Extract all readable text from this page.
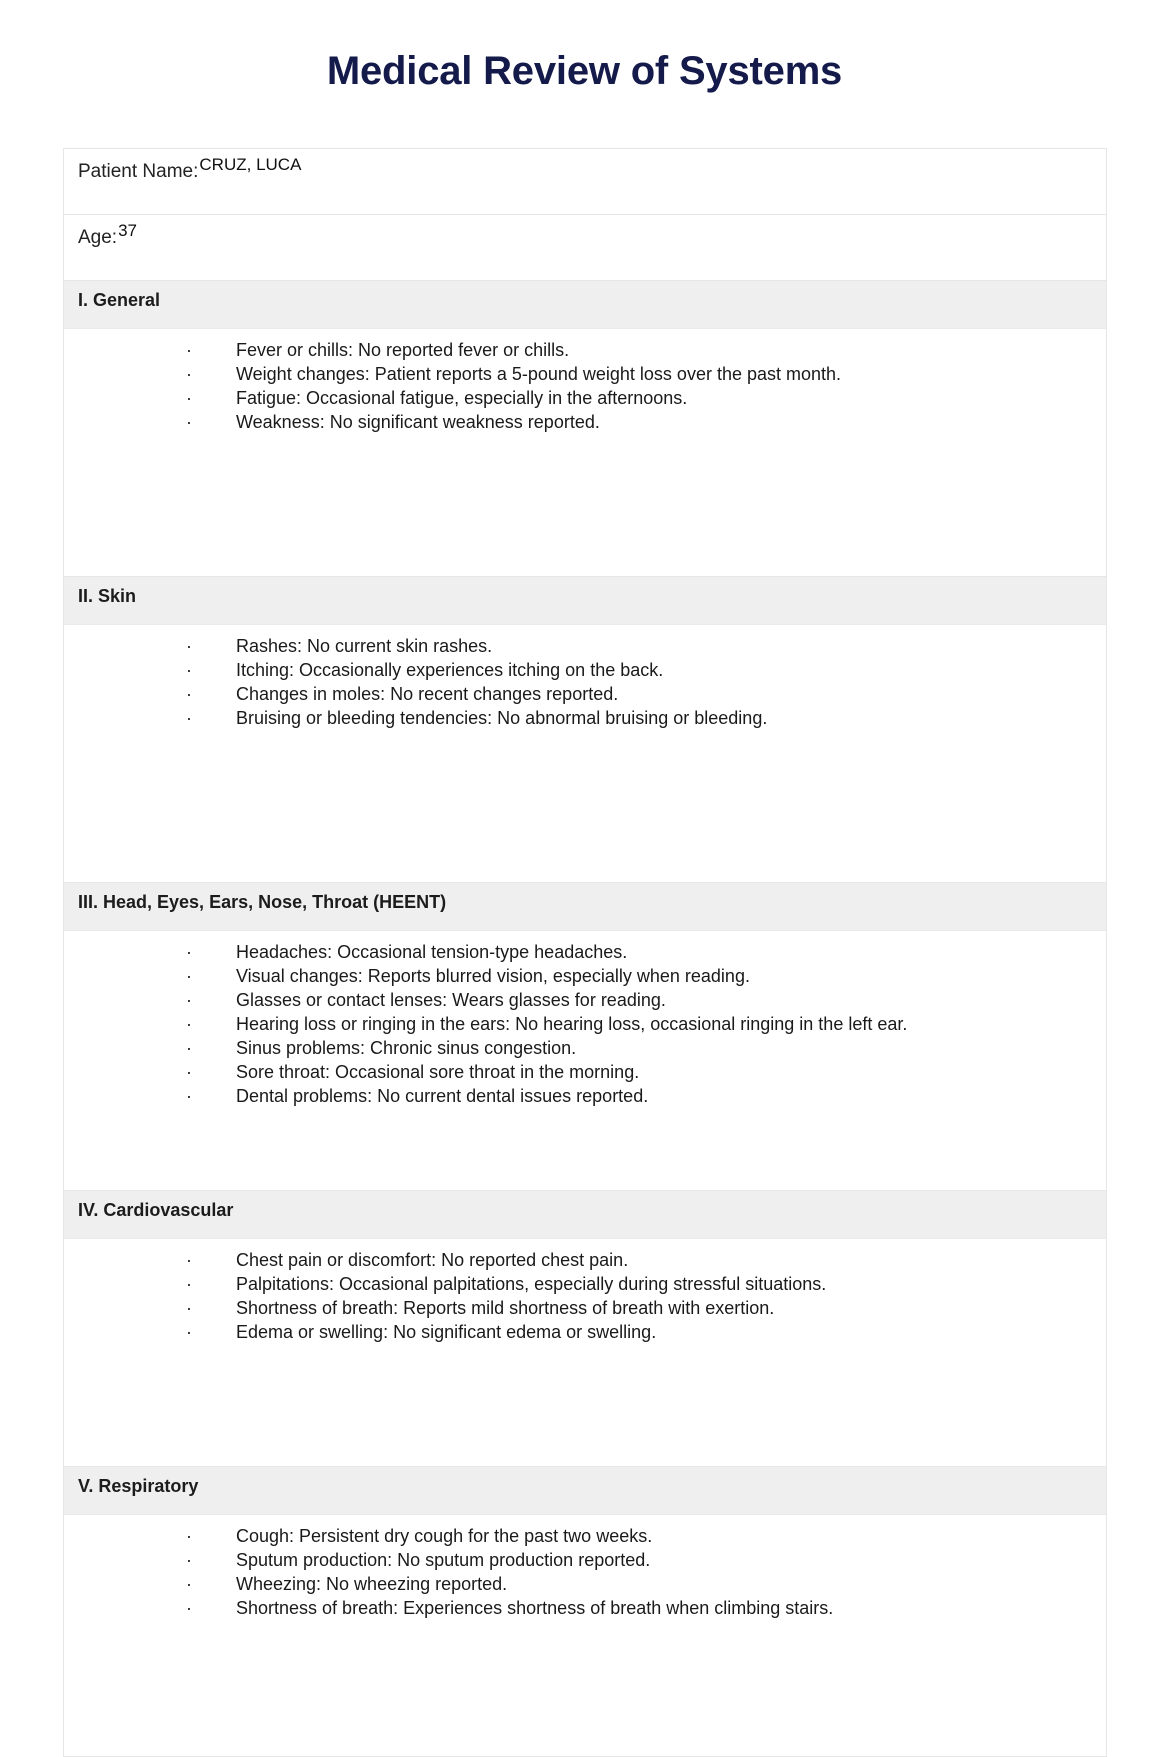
Medical Review of Systems
Patient Name:CRUZ, LUCA
Age:37

I. General

· Fever or chills: No reported fever or chills.
· Weight changes: Patient reports a 5-pound weight loss over the past month.
· Fatigue: Occasional fatigue, especially in the afternoons.
· Weakness: No significant weakness reported.

II. Skin

· Rashes: No current skin rashes.
· Itching: Occasionally experiences itching on the back.
· Changes in moles: No recent changes reported.
· Bruising or bleeding tendencies: No abnormal bruising or bleeding.

III. Head, Eyes, Ears, Nose, Throat (HEENT)

· Headaches: Occasional tension-type headaches.
· Visual changes: Reports blurred vision, especially when reading.
· Glasses or contact lenses: Wears glasses for reading.
· Hearing loss or ringing in the ears: No hearing loss, occasional ringing in the left ear.
· Sinus problems: Chronic sinus congestion.
· Sore throat: Occasional sore throat in the morning.
· Dental problems: No current dental issues reported.

IV. Cardiovascular

· Chest pain or discomfort: No reported chest pain.
· Palpitations: Occasional palpitations, especially during stressful situations.
· Shortness of breath: Reports mild shortness of breath with exertion.
· Edema or swelling: No significant edema or swelling.

V. Respiratory

· Cough: Persistent dry cough for the past two weeks.
· Sputum production: No sputum production reported.
· Wheezing: No wheezing reported.
· Shortness of breath: Experiences shortness of breath when climbing stairs.
